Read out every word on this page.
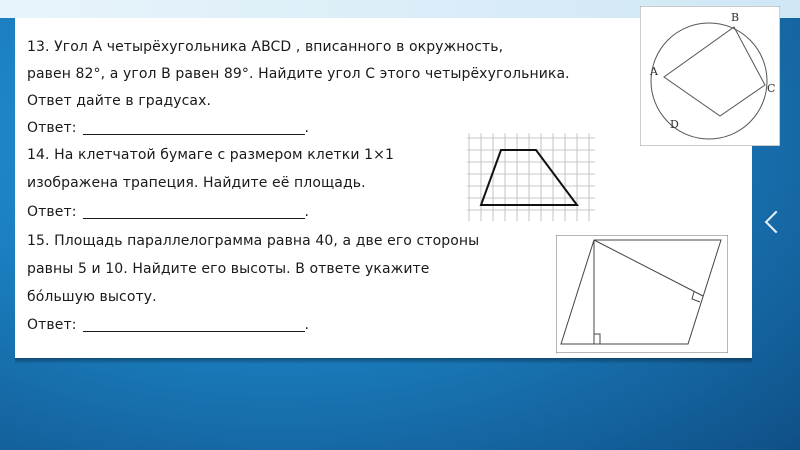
13. Угол А четырёхугольника ABCD , вписанного в окружность,
равен 82°, а угол В равен 89°. Найдите угол С этого четырёхугольника.
Ответ дайте в градусах.
Ответ:	.
14. На клетчатой бумаге с размером клетки 1×1
изображена трапеция. Найдите её площадь.
Ответ:	.
15. Площадь параллелограмма равна 40, а две его стороны
равны 5 и 10. Найдите его высоты. В ответе укажите
бо́льшую высоту.
Ответ:	.
B
C
D
A
